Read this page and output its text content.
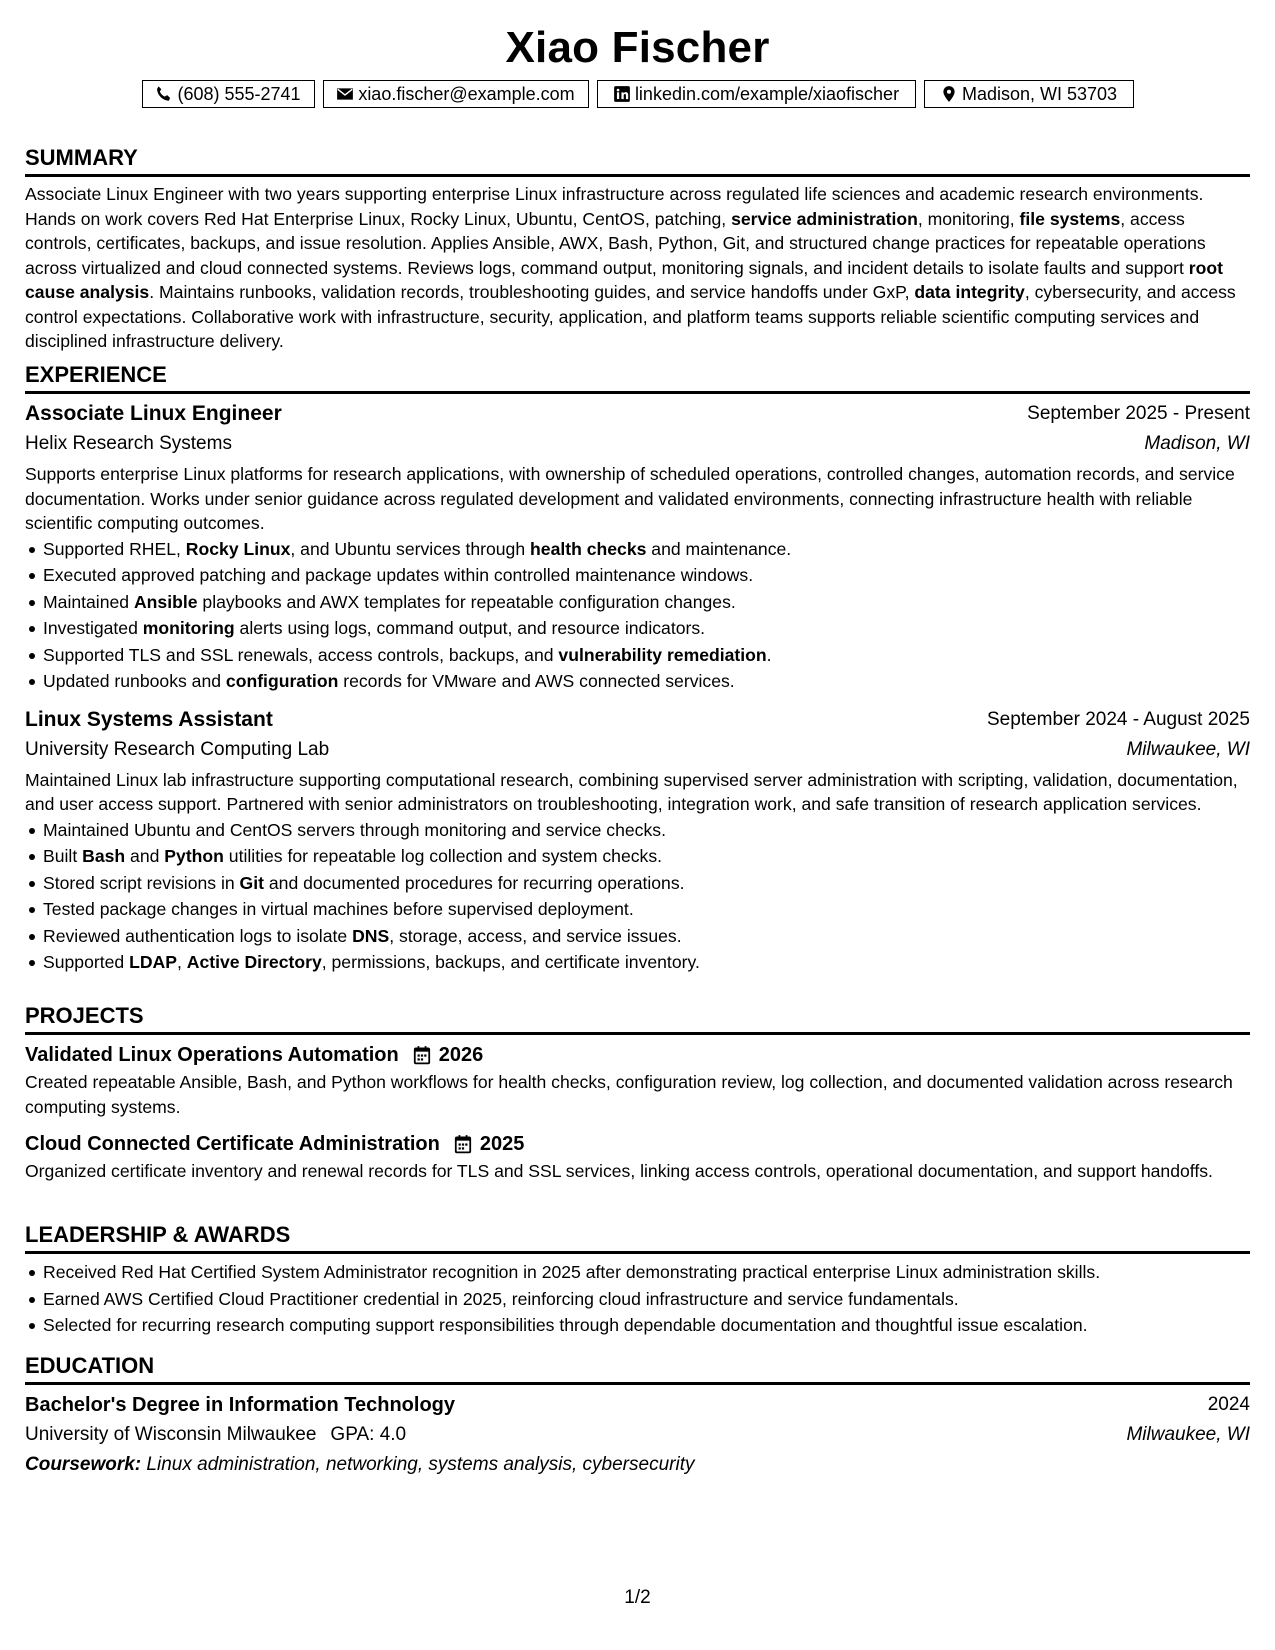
Xiao Fischer
(608) 555-2741	xiao.fischer@example.com	linkedin.com/example/xiaofischer	Madison, WI 53703
SUMMARY
Associate Linux Engineer with two years supporting enterprise Linux infrastructure across regulated life sciences and academic research environments. Hands on work covers Red Hat Enterprise Linux, Rocky Linux, Ubuntu, CentOS, patching, service administration, monitoring, file systems, access controls, certificates, backups, and issue resolution. Applies Ansible, AWX, Bash, Python, Git, and structured change practices for repeatable operations across virtualized and cloud connected systems. Reviews logs, command output, monitoring signals, and incident details to isolate faults and support root cause analysis. Maintains runbooks, validation records, troubleshooting guides, and service handoffs under GxP, data integrity, cybersecurity, and access control expectations. Collaborative work with infrastructure, security, application, and platform teams supports reliable scientific computing services and disciplined infrastructure delivery.
EXPERIENCE
Associate Linux Engineer	September 2025 - Present
Helix Research Systems	Madison, WI
Supports enterprise Linux platforms for research applications, with ownership of scheduled operations, controlled changes, automation records, and service documentation. Works under senior guidance across regulated development and validated environments, connecting infrastructure health with reliable scientific computing outcomes.
Supported RHEL, Rocky Linux, and Ubuntu services through health checks and maintenance.
Executed approved patching and package updates within controlled maintenance windows.
Maintained Ansible playbooks and AWX templates for repeatable configuration changes.
Investigated monitoring alerts using logs, command output, and resource indicators.
Supported TLS and SSL renewals, access controls, backups, and vulnerability remediation.
Updated runbooks and configuration records for VMware and AWS connected services.
Linux Systems Assistant	September 2024 - August 2025
University Research Computing Lab	Milwaukee, WI
Maintained Linux lab infrastructure supporting computational research, combining supervised server administration with scripting, validation, documentation, and user access support. Partnered with senior administrators on troubleshooting, integration work, and safe transition of research application services.
Maintained Ubuntu and CentOS servers through monitoring and service checks.
Built Bash and Python utilities for repeatable log collection and system checks.
Stored script revisions in Git and documented procedures for recurring operations.
Tested package changes in virtual machines before supervised deployment.
Reviewed authentication logs to isolate DNS, storage, access, and service issues.
Supported LDAP, Active Directory, permissions, backups, and certificate inventory.
PROJECTS
Validated Linux Operations Automation 2026
Created repeatable Ansible, Bash, and Python workflows for health checks, configuration review, log collection, and documented validation across research computing systems.
Cloud Connected Certificate Administration 2025
Organized certificate inventory and renewal records for TLS and SSL services, linking access controls, operational documentation, and support handoffs.
LEADERSHIP & AWARDS
Received Red Hat Certified System Administrator recognition in 2025 after demonstrating practical enterprise Linux administration skills.
Earned AWS Certified Cloud Practitioner credential in 2025, reinforcing cloud infrastructure and service fundamentals.
Selected for recurring research computing support responsibilities through dependable documentation and thoughtful issue escalation.
EDUCATION
Bachelor's Degree in Information Technology	2024
University of Wisconsin Milwaukee GPA: 4.0	Milwaukee, WI
Coursework: Linux administration, networking, systems analysis, cybersecurity
1/2
